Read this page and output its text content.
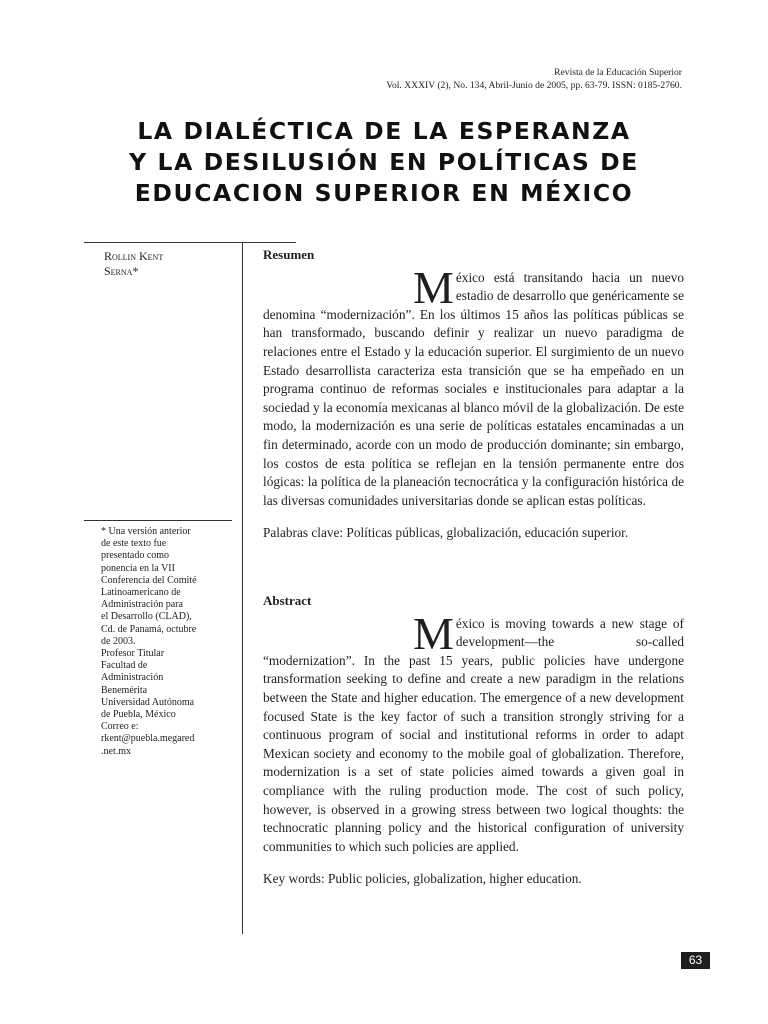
Revista de la Educación Superior
Vol. XXXIV (2), No. 134, Abril-Junio de 2005, pp. 63-79. ISSN: 0185-2760.
LA DIALÉCTICA DE LA ESPERANZA
Y LA DESILUSIÓN EN POLÍTICAS DE
EDUCACION SUPERIOR EN MÉXICO
Rollin Kent
Serna*
* Una versión anterior
de este texto fue
presentado como
ponencia en la VII
Conferencia del Comité
Latinoamericano de
Administración para
el Desarrollo (CLAD),
Cd. de Panamá, octubre
de 2003.
Profesor Titular
Facultad de
Administración
Benemérita
Universidad Autónoma
de Puebla, México
Correo e:
rkent@puebla.megared
.net.mx
Resumen

México está transitando hacia un nuevo estadio de desarrollo que genéricamente se denomina “modernización”. En los últimos 15 años las políticas públicas se han transformado, buscando definir y realizar un nuevo paradigma de relaciones entre el Estado y la educación superior. El surgimiento de un nuevo Estado desarrollista caracteriza esta transición que se ha empeñado en un programa continuo de reformas sociales e institucionales para adaptar a la sociedad y la economía mexicanas al blanco móvil de la globalización. De este modo, la modernización es una serie de políticas estatales encaminadas a un fin determinado, acorde con un modo de producción dominante; sin embargo, los costos de esta política se reflejan en la tensión permanente entre dos lógicas: la política de la planeación tecnocrática y la configuración histórica de las diversas comunidades universitarias donde se aplican estas políticas.

Palabras clave: Políticas públicas, globalización, educación superior.

Abstract

México is moving towards a new stage of development—the so-called “modernization”. In the past 15 years, public policies have undergone transformation seeking to define and create a new paradigm in the relations between the State and higher education. The emergence of a new development focused State is the key factor of such a transition strongly striving for a continuous program of social and institutional reforms in order to adapt Mexican society and economy to the mobile goal of globalization. Therefore, modernization is a set of state policies aimed towards a given goal in compliance with the ruling production mode. The cost of such policy, however, is observed in a growing stress between two logical thoughts: the technocratic planning policy and the historical configuration of university communities to which such policies are applied.

Key words: Public policies, globalization, higher education.

63
